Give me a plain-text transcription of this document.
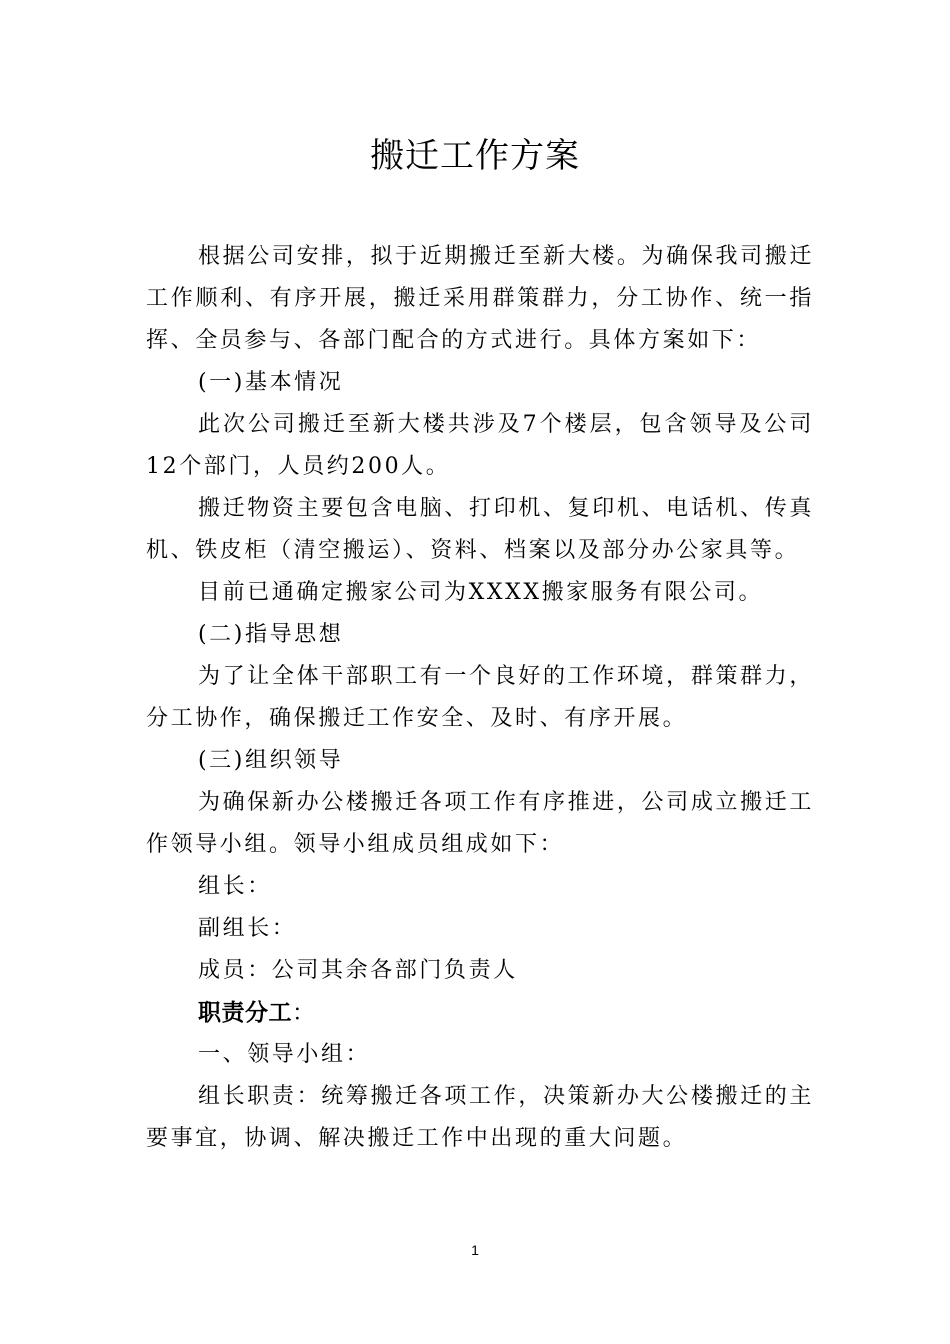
搬迁工作方案

根据公司安排，拟于近期搬迁至新大楼。为确保我司搬迁工作顺利、有序开展，搬迁采用群策群力，分工协作、统一指挥、全员参与、各部门配合的方式进行。具体方案如下：

(一)基本情况

此次公司搬迁至新大楼共涉及7个楼层，包含领导及公司12个部门，人员约200人。

搬迁物资主要包含电脑、打印机、复印机、电话机、传真机、铁皮柜（清空搬运）、资料、档案以及部分办公家具等。

目前已通确定搬家公司为XXXX搬家服务有限公司。

(二)指导思想

为了让全体干部职工有一个良好的工作环境，群策群力，分工协作，确保搬迁工作安全、及时、有序开展。

(三)组织领导

为确保新办公楼搬迁各项工作有序推进，公司成立搬迁工作领导小组。领导小组成员组成如下：

组长：

副组长：

成员：公司其余各部门负责人

职责分工：

一、领导小组：

组长职责：统筹搬迁各项工作，决策新办大公楼搬迁的主要事宜，协调、解决搬迁工作中出现的重大问题。

1
